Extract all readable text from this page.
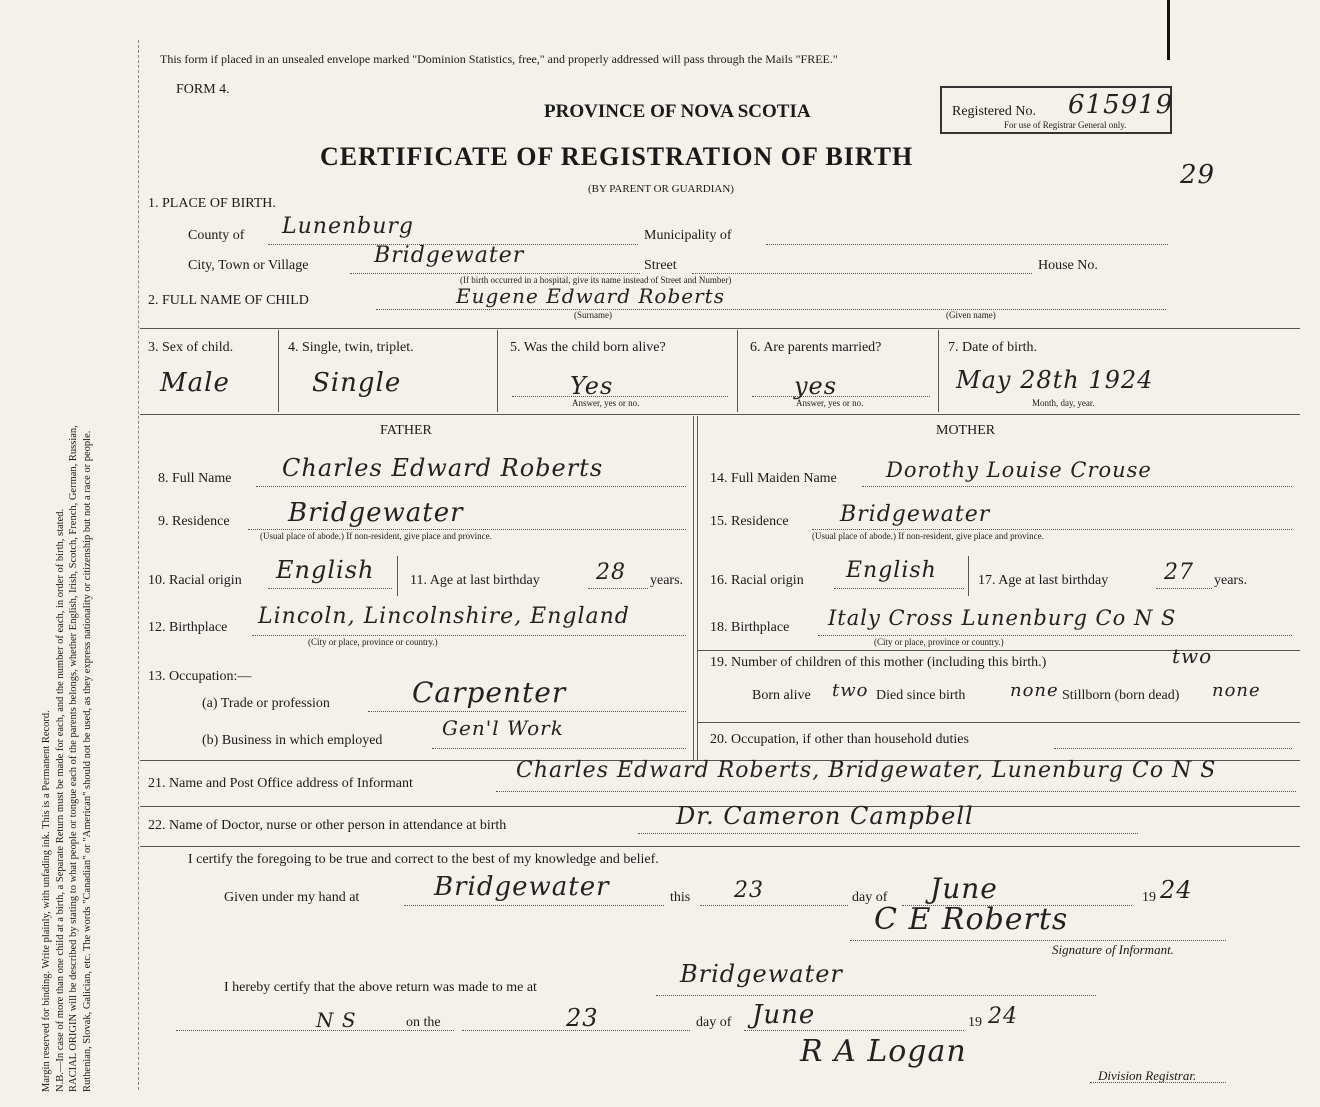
Margin reserved for binding. Write plainly, with unfading ink. This is a Permanent Record. N.B.—In case of more than one child at a birth, a Separate Return must be made for each, and the number of each, in order of birth, stated. RACIAL ORIGIN will be described by stating to what people or tongue each of the parents belongs, whether English, Irish, Scotch, French, German, Russian, Ruthenian, Slovak, Galician, etc. The words "Canadian" or "American" should not be used, as they express nationality or citizenship but not a race or people.
This form if placed in an unsealed envelope marked "Dominion Statistics, free," and properly addressed will pass through the Mails "FREE."
FORM 4.
PROVINCE OF NOVA SCOTIA	Registered No. 615919
For use of Registrar General only.
CERTIFICATE OF REGISTRATION OF BIRTH
(BY PARENT OR GUARDIAN)	29
1. PLACE OF BIRTH.
County of Lunenburg	Municipality of
City, Town or Village	Bridgewater	Street	House No.
(If birth occurred in a hospital, give its name instead of Street and Number)
2. FULL NAME OF CHILD	Eugene Edward Roberts
(Surname)	(Given name)
3. Sex of child.
Male
4. Single, twin, triplet.
Single
5. Was the child born alive?
Yes
Answer, yes or no.
6. Are parents married?
yes
Answer, yes or no.
7. Date of birth.
May 28th 1924
Month, day, year.
FATHER	MOTHER
8. Full Name Charles Edward Roberts
9. Residence Bridgewater
(Usual place of abode.) If non-resident, give place and province.
10. Racial origin English	11. Age at last birthday	28 years.
12. Birthplace Lincoln, Lincolnshire, England
(City or place, province or country.)
13. Occupation:—
(a) Trade or profession	Carpenter
(b) Business in which employed
Gen'l Work
14. Full Maiden Name Dorothy Louise Crouse
15. Residence Bridgewater
(Usual place of abode.) If non-resident, give place and province.
16. Racial origin English	17. Age at last birthday	27 years.
18. Birthplace Italy Cross Lunenburg Co N S
(City or place, province or country.)
19. Number of children of this mother (including this birth.)	two
Born alive two Died since birth none Stillborn (born dead) none
20. Occupation, if other than household duties
21. Name and Post Office address of Informant
Charles Edward Roberts, Bridgewater, Lunenburg Co N S
22. Name of Doctor, nurse or other person in attendance at birth	Dr. Cameron Campbell
I certify the foregoing to be true and correct to the best of my knowledge and belief.
Given under my hand at	Bridgewater	this 23	day of June	19 24
C E Roberts
Signature of Informant.
I hereby certify that the above return was made to me at	Bridgewater
N S	on the	23	day of June	19 24
R A Logan
Division Registrar.
